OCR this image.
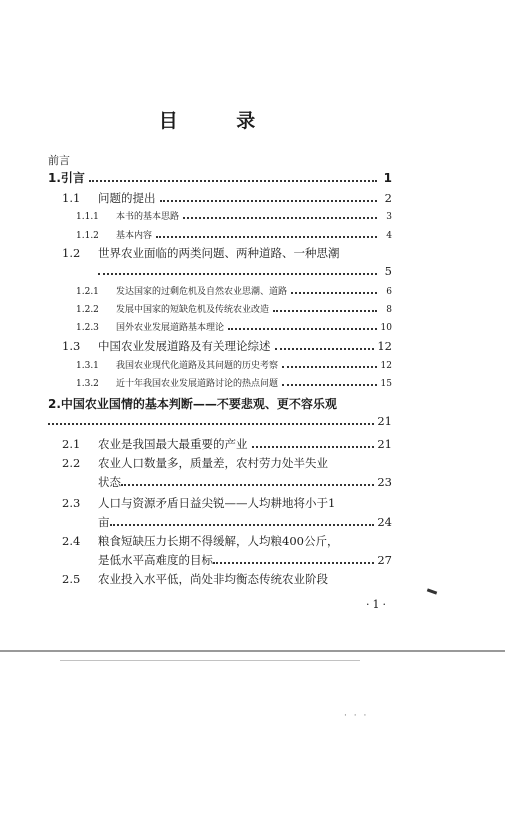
目 录
前言
1. 引言	1
1.1	问题的提出	2
1.1.1	本书的基本思路	3
1.1.2	基本内容	4
1.2	世界农业面临的两类问题、两种道路、一种思潮
5
1.2.1	发达国家的过剩危机及自然农业思潮、道路	6
1.2.2	发展中国家的短缺危机及传统农业改造	8
1.2.3	国外农业发展道路基本理论	10
1.3	中国农业发展道路及有关理论综述	12
1.3.1	我国农业现代化道路及其问题的历史考察	12
1.3.2	近十年我国农业发展道路讨论的热点问题	15
2. 中国农业国情的基本判断——不要悲观、更不容乐观
21
2.1	农业是我国最大最重要的产业	21
2.2	农业人口数量多，质量差，农村劳力处半失业
状态	23
2.3	人口与资源矛盾日益尖锐——人均耕地将小于1
亩	24
2.4	粮食短缺压力长期不得缓解，人均粮400公斤，
是低水平高难度的目标	27
2.5	农业投入水平低，尚处非均衡态传统农业阶段
·1·
· · ·
